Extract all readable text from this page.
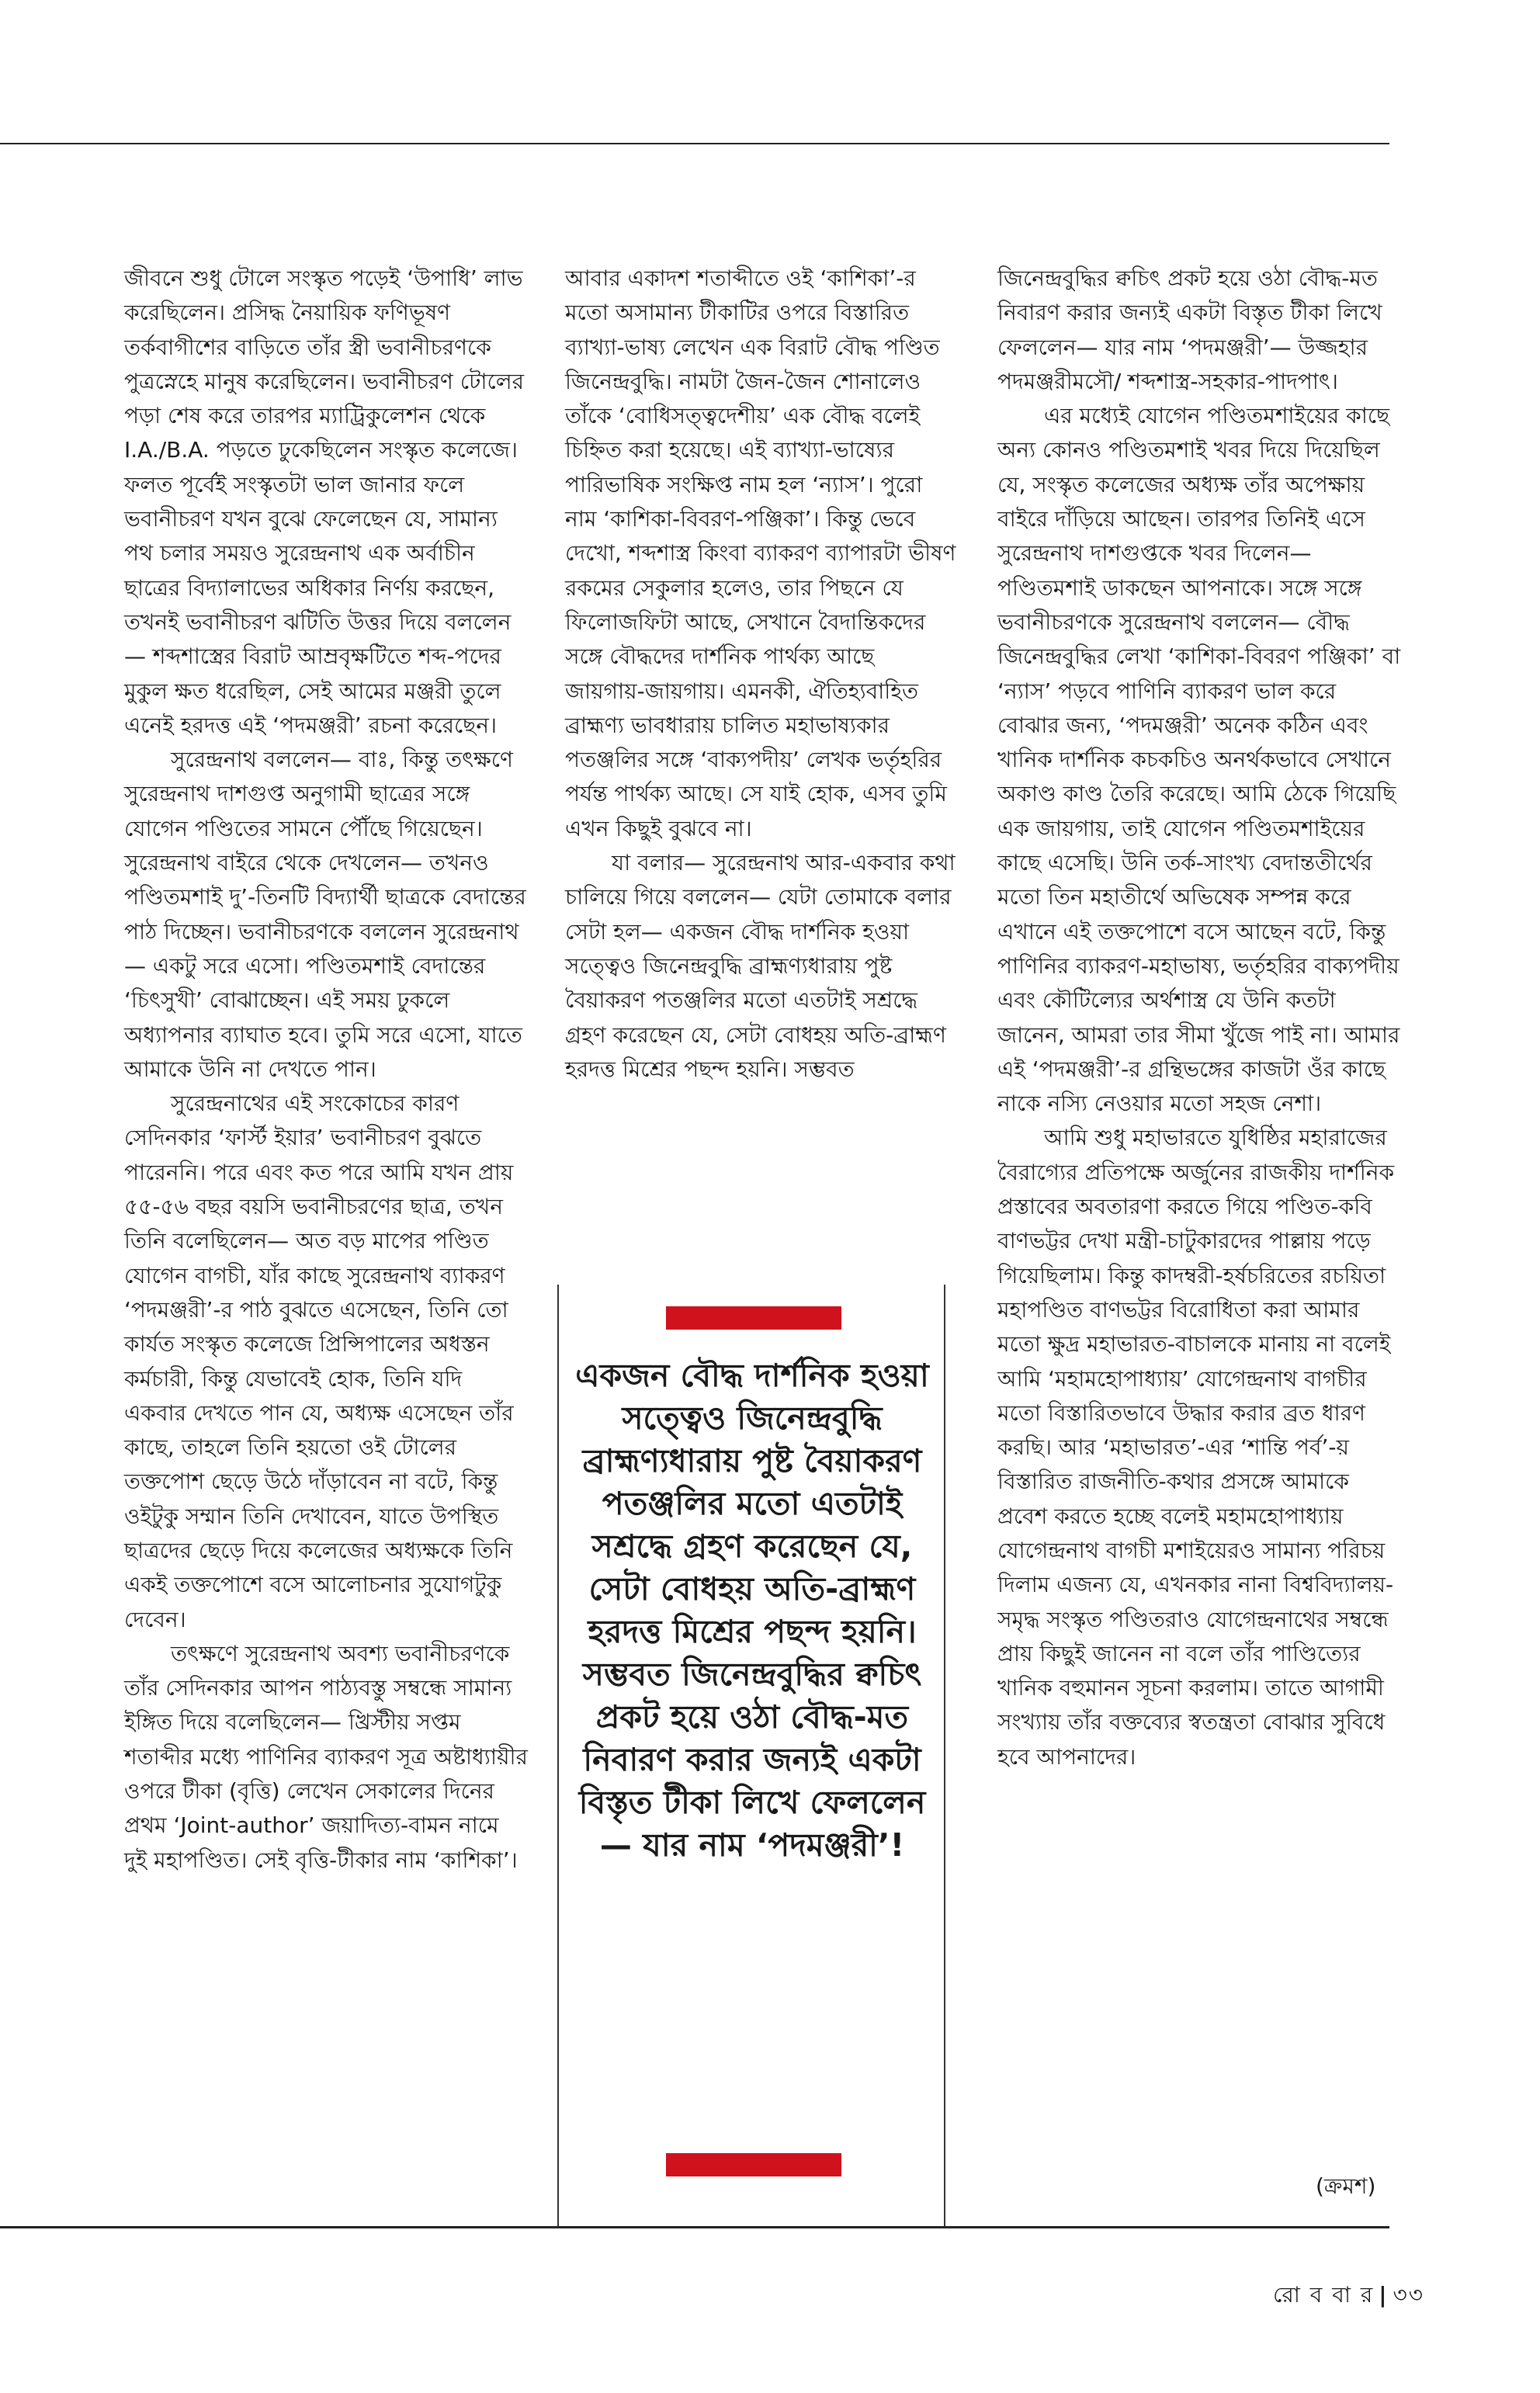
জীবনে শুধু টোলে সংস্কৃত পড়েই ‘উপাধি’ লাভ করেছিলেন। প্রসিদ্ধ নৈয়ায়িক ফণিভূষণ তর্কবাগীশের বাড়িতে তাঁর স্ত্রী ভবানীচরণকে পুত্রস্নেহে মানুষ করেছিলেন। ভবানীচরণ টোলের পড়া শেষ করে তারপর ম্যাট্রিকুলেশন থেকে I.A./B.A. পড়তে ঢুকেছিলেন সংস্কৃত কলেজে। ফলত পূর্বেই সংস্কৃতটা ভাল জানার ফলে ভবানীচরণ যখন বুঝে ফেলেছেন যে, সামান্য পথ চলার সময়ও সুরেন্দ্রনাথ এক অর্বাচীন ছাত্রের বিদ্যালাভের অধিকার নির্ণয় করছেন, তখনই ভবানীচরণ ঝটিতি উত্তর দিয়ে বললেন— শব্দশাস্ত্রের বিরাট আম্রবৃক্ষটিতে শব্দ-পদের মুকুল ক্ষত ধরেছিল, সেই আমের মঞ্জরী তুলে এনেই হরদত্ত এই ‘পদমঞ্জরী’ রচনা করেছেন।

সুরেন্দ্রনাথ বললেন— বাঃ, কিন্তু তৎক্ষণে সুরেন্দ্রনাথ দাশগুপ্ত অনুগামী ছাত্রের সঙ্গে যোগেন পণ্ডিতের সামনে পৌঁছে গিয়েছেন। সুরেন্দ্রনাথ বাইরে থেকে দেখলেন— তখনও পণ্ডিতমশাই দু’-তিনটি বিদ্যার্থী ছাত্রকে বেদান্তের পাঠ দিচ্ছেন। ভবানীচরণকে বললেন সুরেন্দ্রনাথ— একটু সরে এসো। পণ্ডিতমশাই বেদান্তের ‘চিৎসুখী’ বোঝাচ্ছেন। এই সময় ঢুকলে অধ্যাপনার ব্যাঘাত হবে। তুমি সরে এসো, যাতে আমাকে উনি না দেখতে পান।

সুরেন্দ্রনাথের এই সংকোচের কারণ সেদিনকার ‘ফার্স্ট ইয়ার’ ভবানীচরণ বুঝতে পারেননি। পরে এবং কত পরে আমি যখন প্রায় ৫৫-৫৬ বছর বয়সি ভবানীচরণের ছাত্র, তখন তিনি বলেছিলেন— অত বড় মাপের পণ্ডিত যোগেন বাগচী, যাঁর কাছে সুরেন্দ্রনাথ ব্যাকরণ ‘পদমঞ্জরী’-র পাঠ বুঝতে এসেছেন, তিনি তো কার্যত সংস্কৃত কলেজে প্রিন্সিপালের অধস্তন কর্মচারী, কিন্তু যেভাবেই হোক, তিনি যদি একবার দেখতে পান যে, অধ্যক্ষ এসেছেন তাঁর কাছে, তাহলে তিনি হয়তো ওই টোলের তক্তপোশ ছেড়ে উঠে দাঁড়াবেন না বটে, কিন্তু ওইটুকু সম্মান তিনি দেখাবেন, যাতে উপস্থিত ছাত্রদের ছেড়ে দিয়ে কলেজের অধ্যক্ষকে তিনি একই তক্তপোশে বসে আলোচনার সুযোগটুকু দেবেন।

তৎক্ষণে সুরেন্দ্রনাথ অবশ্য ভবানীচরণকে তাঁর সেদিনকার আপন পাঠ্যবস্তু সম্বন্ধে সামান্য ইঙ্গিত দিয়ে বলেছিলেন— খ্রিস্টীয় সপ্তম শতাব্দীর মধ্যে পাণিনির ব্যাকরণ সূত্র অষ্টাধ্যায়ীর ওপরে টীকা (বৃত্তি) লেখেন সেকালের দিনের প্রথম ‘Joint-author’ জয়াদিত্য-বামন নামে দুই মহাপণ্ডিত। সেই বৃত্তি-টীকার নাম ‘কাশিকা’।

আবার একাদশ শতাব্দীতে ওই ‘কাশিকা’-র মতো অসামান্য টীকাটির ওপরে বিস্তারিত ব্যাখ্যা-ভাষ্য লেখেন এক বিরাট বৌদ্ধ পণ্ডিত জিনেন্দ্রবুদ্ধি। নামটা জৈন-জৈন শোনালেও তাঁকে ‘বোধিসত্ত্বদেশীয়’ এক বৌদ্ধ বলেই চিহ্নিত করা হয়েছে। এই ব্যাখ্যা-ভাষ্যের পারিভাষিক সংক্ষিপ্ত নাম হল ‘ন্যাস’। পুরো নাম ‘কাশিকা-বিবরণ-পঞ্জিকা’। কিন্তু ভেবে দেখো, শব্দশাস্ত্র কিংবা ব্যাকরণ ব্যাপারটা ভীষণ রকমের সেকুলার হলেও, তার পিছনে যে ফিলোজফিটা আছে, সেখানে বৈদান্তিকদের সঙ্গে বৌদ্ধদের দার্শনিক পার্থক্য আছে জায়গায়-জায়গায়। এমনকী, ঐতিহ্যবাহিত ব্রাহ্মণ্য ভাবধারায় চালিত মহাভাষ্যকার পতঞ্জলির সঙ্গে ‘বাক্যপদীয়’ লেখক ভর্তৃহরির পর্যন্ত পার্থক্য আছে। সে যাই হোক, এসব তুমি এখন কিছুই বুঝবে না।

যা বলার— সুরেন্দ্রনাথ আর-একবার কথা চালিয়ে গিয়ে বললেন— যেটা তোমাকে বলার সেটা হল— একজন বৌদ্ধ দার্শনিক হওয়া সত্ত্বেও জিনেন্দ্রবুদ্ধি ব্রাহ্মণ্যধারায় পুষ্ট বৈয়াকরণ পতঞ্জলির মতো এতটাই সশ্রদ্ধে গ্রহণ করেছেন যে, সেটা বোধহয় অতি-ব্রাহ্মণ হরদত্ত মিশ্রের পছন্দ হয়নি। সম্ভবত

জিনেন্দ্রবুদ্ধির ক্বচিৎ প্রকট হয়ে ওঠা বৌদ্ধ-মত নিবারণ করার জন্যই একটা বিস্তৃত টীকা লিখে ফেললেন— যার নাম ‘পদমঞ্জরী’— উজ্জহার পদমঞ্জরীমসৌ/ শব্দশাস্ত্র-সহকার-পাদপাৎ।

এর মধ্যেই যোগেন পণ্ডিতমশাইয়ের কাছে অন্য কোনও পণ্ডিতমশাই খবর দিয়ে দিয়েছিল যে, সংস্কৃত কলেজের অধ্যক্ষ তাঁর অপেক্ষায় বাইরে দাঁড়িয়ে আছেন। তারপর তিনিই এসে সুরেন্দ্রনাথ দাশগুপ্তকে খবর দিলেন— পণ্ডিতমশাই ডাকছেন আপনাকে। সঙ্গে সঙ্গে ভবানীচরণকে সুরেন্দ্রনাথ বললেন— বৌদ্ধ জিনেন্দ্রবুদ্ধির লেখা ‘কাশিকা-বিবরণ পঞ্জিকা’ বা ‘ন্যাস’ পড়বে পাণিনি ব্যাকরণ ভাল করে বোঝার জন্য, ‘পদমঞ্জরী’ অনেক কঠিন এবং খানিক দার্শনিক কচকচিও অনর্থকভাবে সেখানে অকাণ্ড কাণ্ড তৈরি করেছে। আমি ঠেকে গিয়েছি এক জায়গায়, তাই যোগেন পণ্ডিতমশাইয়ের কাছে এসেছি। উনি তর্ক-সাংখ্য বেদান্ততীর্থের মতো তিন মহাতীর্থে অভিষেক সম্পন্ন করে এখানে এই তক্তপোশে বসে আছেন বটে, কিন্তু পাণিনির ব্যাকরণ-মহাভাষ্য, ভর্তৃহরির বাক্যপদীয় এবং কৌটিল্যের অর্থশাস্ত্র যে উনি কতটা জানেন, আমরা তার সীমা খুঁজে পাই না। আমার এই ‘পদমঞ্জরী’-র গ্রন্থিভঙ্গের কাজটা ওঁর কাছে নাকে নস্যি নেওয়ার মতো সহজ নেশা।

আমি শুধু মহাভারতে যুধিষ্ঠির মহারাজের বৈরাগ্যের প্রতিপক্ষে অর্জুনের রাজকীয় দার্শনিক প্রস্তাবের অবতারণা করতে গিয়ে পণ্ডিত-কবি বাণভট্টর দেখা মন্ত্রী-চাটুকারদের পাল্লায় পড়ে গিয়েছিলাম। কিন্তু কাদম্বরী-হর্ষচরিতের রচয়িতা মহাপণ্ডিত বাণভট্টর বিরোধিতা করা আমার মতো ক্ষুদ্র মহাভারত-বাচালকে মানায় না বলেই আমি ‘মহামহোপাধ্যায়’ যোগেন্দ্রনাথ বাগচীর মতো বিস্তারিতভাবে উদ্ধার করার ব্রত ধারণ করছি। আর ‘মহাভারত’-এর ‘শান্তি পর্ব’-য় বিস্তারিত রাজনীতি-কথার প্রসঙ্গে আমাকে প্রবেশ করতে হচ্ছে বলেই মহামহোপাধ্যায় যোগেন্দ্রনাথ বাগচী মশাইয়েরও সামান্য পরিচয় দিলাম এজন্য যে, এখনকার নানা বিশ্ববিদ্যালয়-সমৃদ্ধ সংস্কৃত পণ্ডিতরাও যোগেন্দ্রনাথের সম্বন্ধে প্রায় কিছুই জানেন না বলে তাঁর পাণ্ডিত্যের খানিক বহুমানন সূচনা করলাম। তাতে আগামী সংখ্যায় তাঁর বক্তব্যের স্বতন্ত্রতা বোঝার সুবিধে হবে আপনাদের।

একজন বৌদ্ধ দার্শনিক হওয়া সত্ত্বেও জিনেন্দ্রবুদ্ধি ব্রাহ্মণ্যধারায় পুষ্ট বৈয়াকরণ পতঞ্জলির মতো এতটাই সশ্রদ্ধে গ্রহণ করেছেন যে, সেটা বোধহয় অতি-ব্রাহ্মণ হরদত্ত মিশ্রের পছন্দ হয়নি। সম্ভবত জিনেন্দ্রবুদ্ধির ক্বচিৎ প্রকট হয়ে ওঠা বৌদ্ধ-মত নিবারণ করার জন্যই একটা বিস্তৃত টীকা লিখে ফেললেন— যার নাম ‘পদমঞ্জরী’!
(ক্রমশ)
রো ব বা র | ৩৩
